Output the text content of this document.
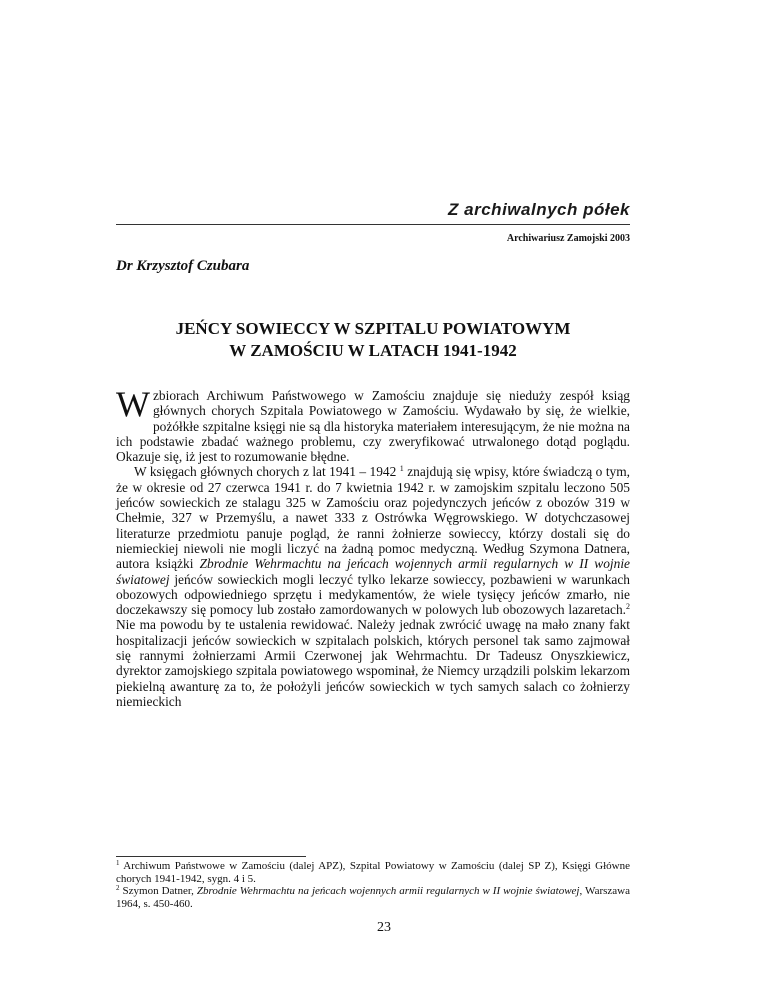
Z archiwalnych półek
Archiwariusz Zamojski 2003
Dr Krzysztof Czubara
JEŃCY SOWIECCY W SZPITALU POWIATOWYM
W ZAMOŚCIU W LATACH 1941-1942

Wzbiorach Archiwum Państwowego w Zamościu znajduje się nieduży zespół ksiąg głównych chorych Szpitala Powiatowego w Zamościu. Wydawało by się, że wielkie, pożółkłe szpitalne księgi nie są dla historyka materiałem interesującym, że nie można na ich podstawie zbadać ważnego problemu, czy zweryfikować utrwalonego dotąd poglądu. Okazuje się, iż jest to rozumowanie błędne.

W księgach głównych chorych z lat 1941 – 1942 $^1$ znajdują się wpisy, które świadczą o tym, że w okresie od 27 czerwca 1941 r. do 7 kwietnia 1942 r. w zamojskim szpitalu leczono 505 jeńców sowieckich ze stalagu 325 w Zamościu oraz pojedynczych jeńców z obozów 319 w Chełmie, 327 w Przemyślu, a nawet 333 z Ostrówka Węgrowskiego. W dotychczasowej literaturze przedmiotu panuje pogląd, że ranni żołnierze sowieccy, którzy dostali się do niemieckiej niewoli nie mogli liczyć na żadną pomoc medyczną. Według Szymona Datnera, autora książki Zbrodnie Wehrmachtu na jeńcach wojennych armii regularnych w II wojnie światowej jeńców sowieckich mogli leczyć tylko lekarze sowieccy, pozbawieni w warunkach obozowych odpowiedniego sprzętu i medykamentów, że wiele tysięcy jeńców zmarło, nie doczekawszy się pomocy lub zostało zamordowanych w polowych lub obozowych lazaretach.$^2$ Nie ma powodu by te ustalenia rewidować. Należy jednak zwrócić uwagę na mało znany fakt hospitalizacji jeńców sowieckich w szpitalach polskich, których personel tak samo zajmował się rannymi żołnierzami Armii Czerwonej jak Wehrmachtu. Dr Tadeusz Onyszkiewicz, dyrektor zamojskiego szpitala powiatowego wspominał, że Niemcy urządzili polskim lekarzom piekielną awanturę za to, że położyli jeńców sowieckich w tych samych salach co żołnierzy niemieckich

$^1$ Archiwum Państwowe w Zamościu (dalej APZ), Szpital Powiatowy w Zamościu (dalej SP Z), Księgi Główne chorych 1941-1942, sygn. 4 i 5.

$^2$ Szymon Datner, Zbrodnie Wehrmachtu na jeńcach wojennych armii regularnych w II wojnie światowej, Warszawa 1964, s. 450-460.

23
